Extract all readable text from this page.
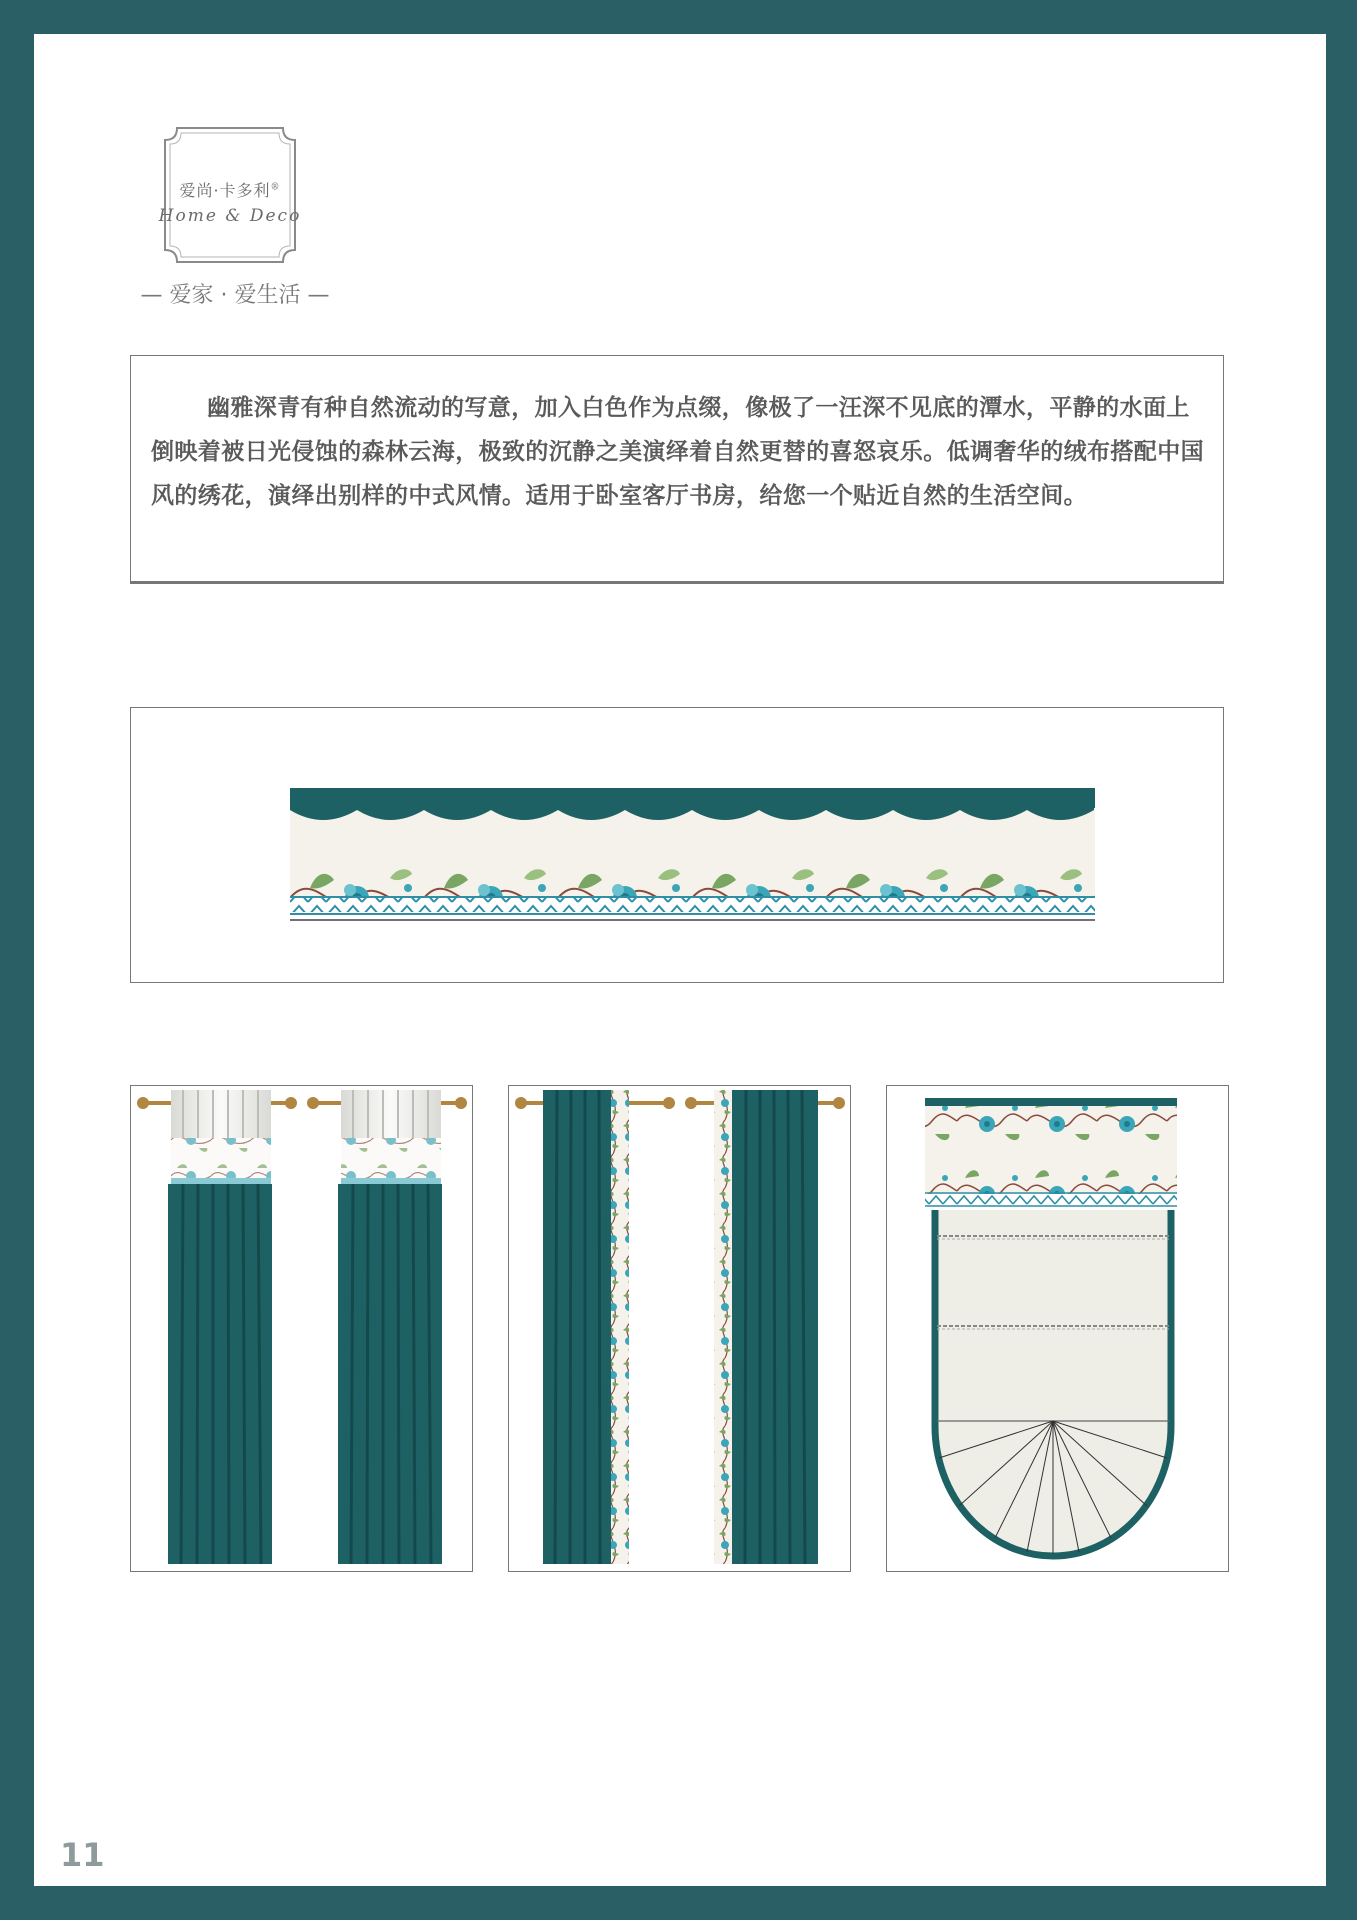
爱尚·卡多利®
Home & Deco
— 爱家 · 爱生活 —

幽雅深青有种自然流动的写意，加入白色作为点缀，像极了一汪深不见底的潭水，平静的水面上倒映着被日光侵蚀的森林云海，极致的沉静之美演绎着自然更替的喜怒哀乐。低调奢华的绒布搭配中国风的绣花，演绎出别样的中式风情。适用于卧室客厅书房，给您一个贴近自然的生活空间。

11
